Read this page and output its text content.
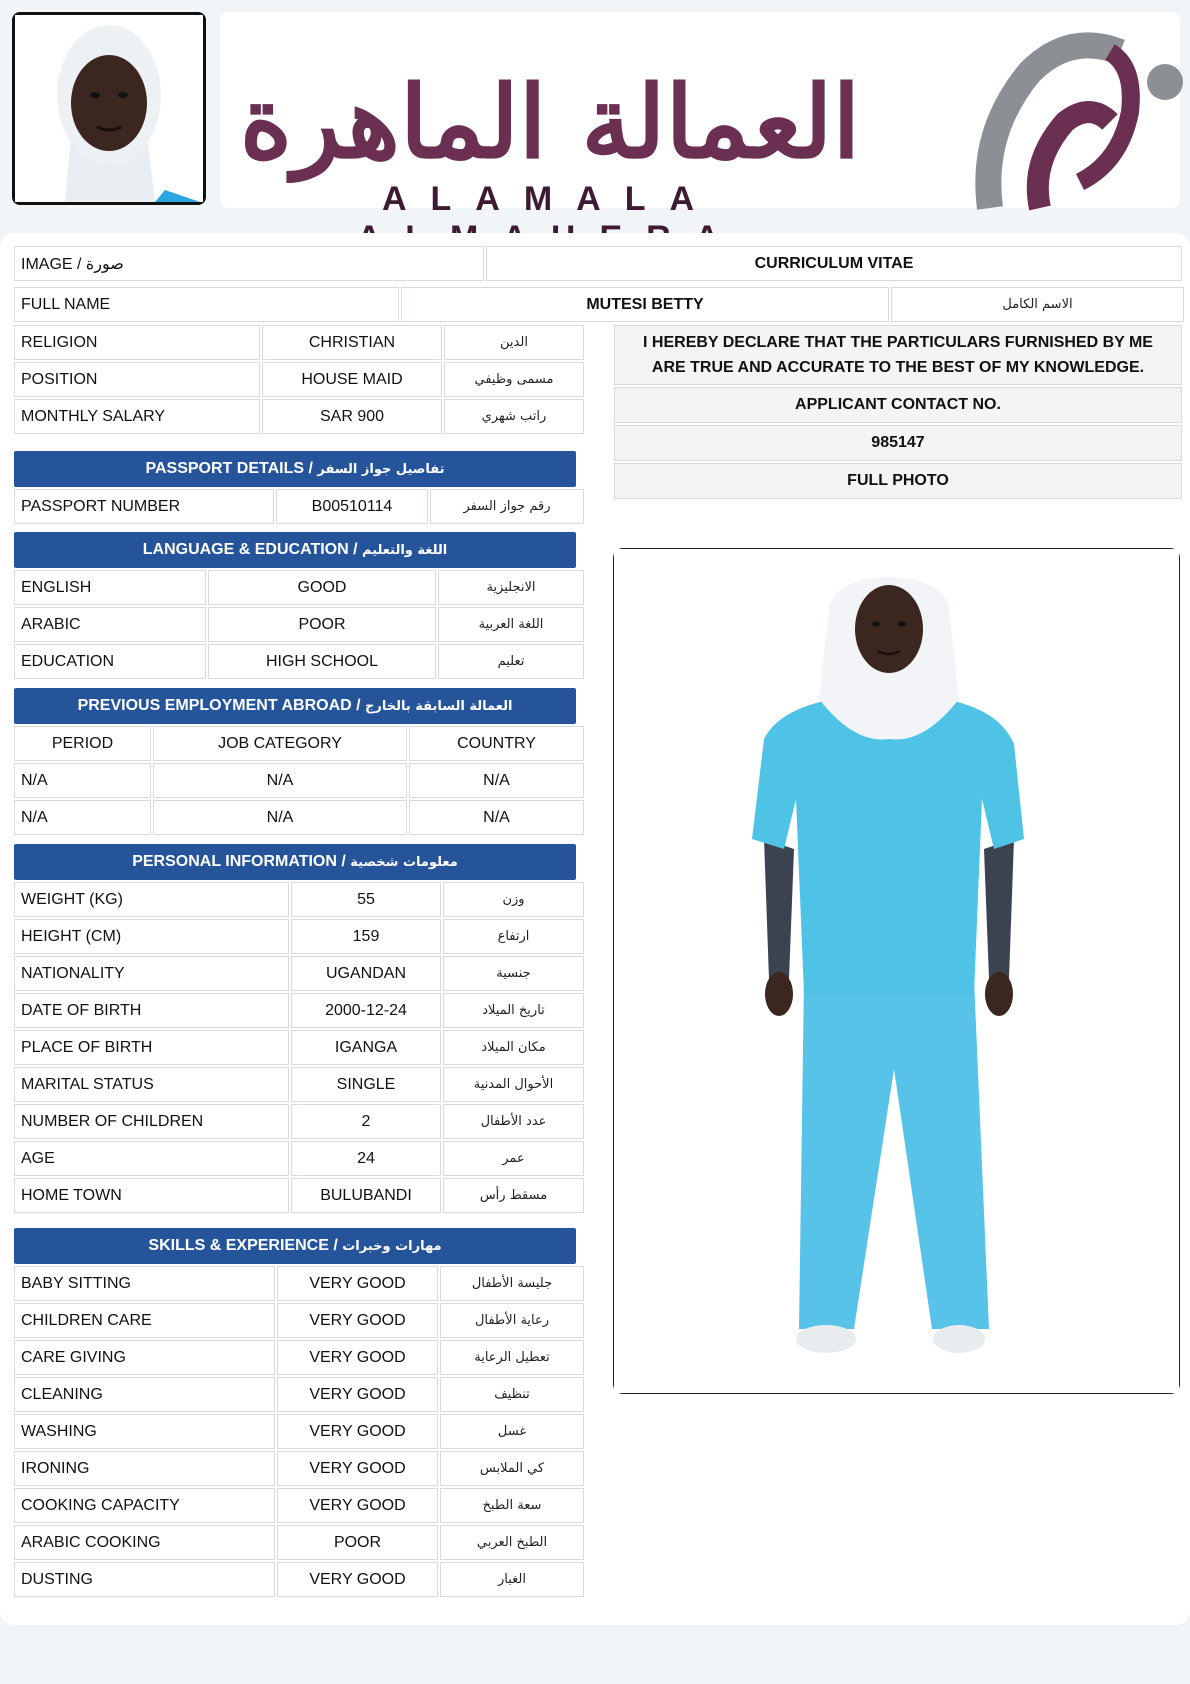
العمالة الماهرة
ALAMALA
IMAGE / صورة	CURRICULUM VITAE
FULL NAME	MUTESI BETTY	الاسم الكامل
RELIGION	CHRISTIAN	الدين
POSITION	HOUSE MAID	مسمى وظيفي
MONTHLY SALARY	SAR 900	راتب شهري
PASSPORT DETAILS / تفاصيل جواز السفر
PASSPORT NUMBER	B00510114	رقم جواز السفر
LANGUAGE & EDUCATION / اللغة والتعليم
ENGLISH	GOOD	الانجليزية
ARABIC	POOR	اللغة العربية
EDUCATION	HIGH SCHOOL	تعليم
PREVIOUS EMPLOYMENT ABROAD / العمالة السابقة بالخارج
PERIOD	JOB CATEGORY	COUNTRY
N/A	N/A	N/A
N/A	N/A	N/A
PERSONAL INFORMATION / معلومات شخصية
WEIGHT (KG)	55	وزن
HEIGHT (CM)	159	ارتفاع
NATIONALITY	UGANDAN	جنسية
DATE OF BIRTH	2000-12-24	تاريخ الميلاد
PLACE OF BIRTH	IGANGA	مكان الميلاد
MARITAL STATUS	SINGLE	الأحوال المدنية
NUMBER OF CHILDREN	2	عدد الأطفال
AGE	24	عمر
HOME TOWN	BULUBANDI	مسقط رأس
SKILLS & EXPERIENCE / مهارات وخبرات
BABY SITTING	VERY GOOD	جليسة الأطفال
CHILDREN CARE	VERY GOOD	رعاية الأطفال
CARE GIVING	VERY GOOD	تعطيل الرعاية
CLEANING	VERY GOOD	تنظيف
WASHING	VERY GOOD	غسل
IRONING	VERY GOOD	كي الملابس
COOKING CAPACITY	VERY GOOD	سعة الطبخ
ARABIC COOKING	POOR	الطبخ العربي
DUSTING	VERY GOOD	الغبار
I HEREBY DECLARE THAT THE PARTICULARS FURNISHED BY ME ARE TRUE AND ACCURATE TO THE BEST OF MY KNOWLEDGE.
APPLICANT CONTACT NO.
985147
FULL PHOTO
